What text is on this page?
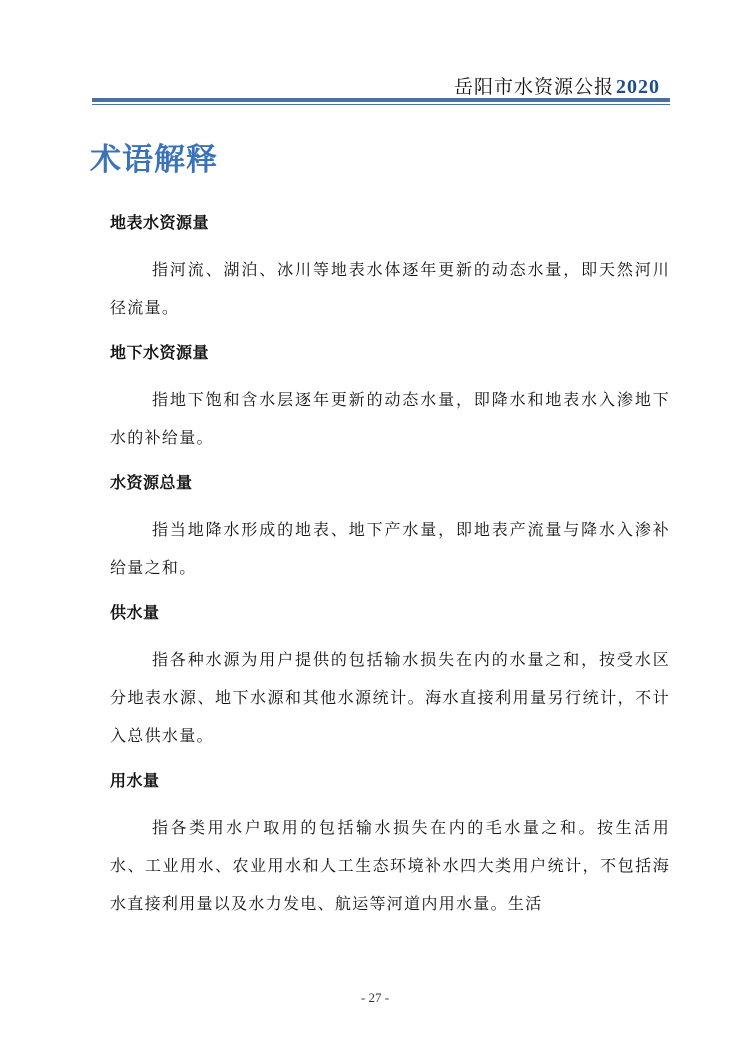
岳阳市水资源公报 2020
术语解释
地表水资源量
指河流、湖泊、冰川等地表水体逐年更新的动态水量，即天然河川径流量。
地下水资源量
指地下饱和含水层逐年更新的动态水量，即降水和地表水入渗地下水的补给量。
水资源总量
指当地降水形成的地表、地下产水量，即地表产流量与降水入渗补给量之和。
供水量
指各种水源为用户提供的包括输水损失在内的水量之和，按受水区分地表水源、地下水源和其他水源统计。海水直接利用量另行统计，不计入总供水量。
用水量
指各类用水户取用的包括输水损失在内的毛水量之和。按生活用水、工业用水、农业用水和人工生态环境补水四大类用户统计，不包括海水直接利用量以及水力发电、航运等河道内用水量。生活
- 27 -
